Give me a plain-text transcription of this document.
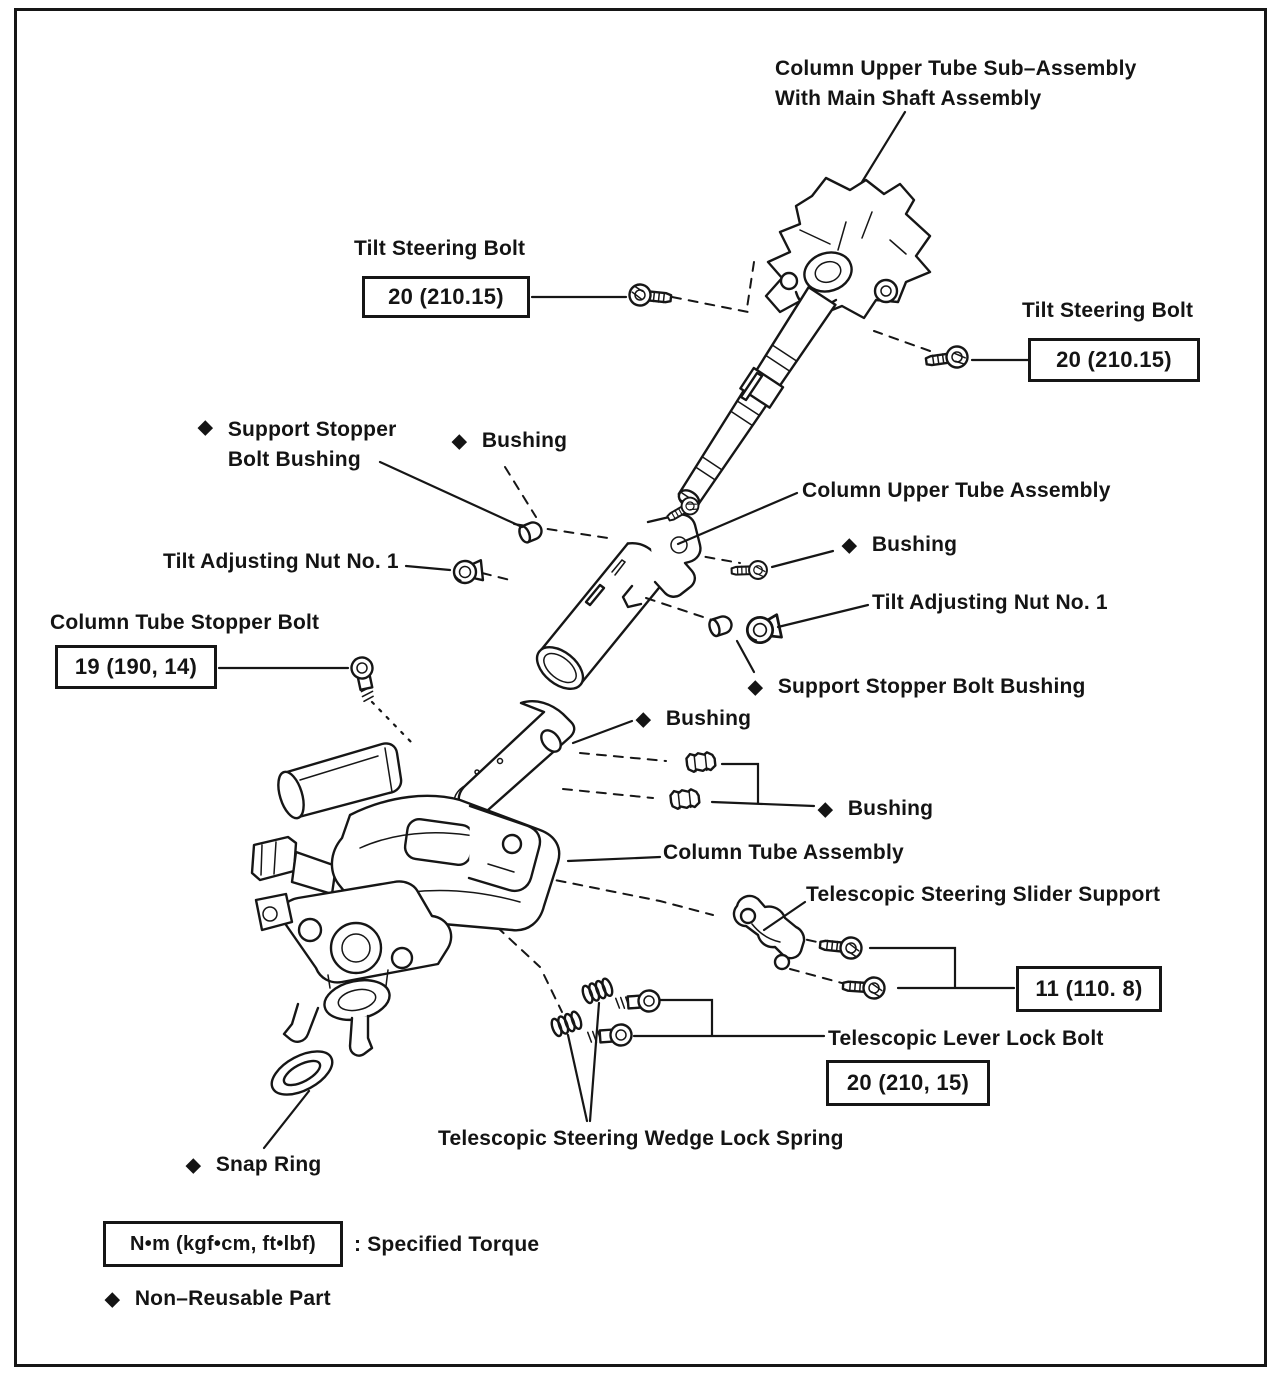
Column Upper Tube Sub–Assembly
With Main Shaft Assembly
Tilt Steering Bolt
20 (210.15)
Tilt Steering Bolt
20 (210.15)
◆ Support Stopper
Bolt Bushing
◆ Bushing
Column Upper Tube Assembly
◆ Bushing
Tilt Adjusting Nut No. 1
Tilt Adjusting Nut No. 1
Column Tube Stopper Bolt
19 (190, 14)
◆ Support Stopper Bolt Bushing
◆ Bushing
◆ Bushing
Column Tube Assembly
Telescopic Steering Slider Support
11 (110. 8)
Telescopic Lever Lock Bolt
20 (210, 15)
Telescopic Steering Wedge Lock Spring
◆ Snap Ring
N•m (kgf•cm, ft•lbf)	: Specified Torque
◆ Non–Reusable Part
